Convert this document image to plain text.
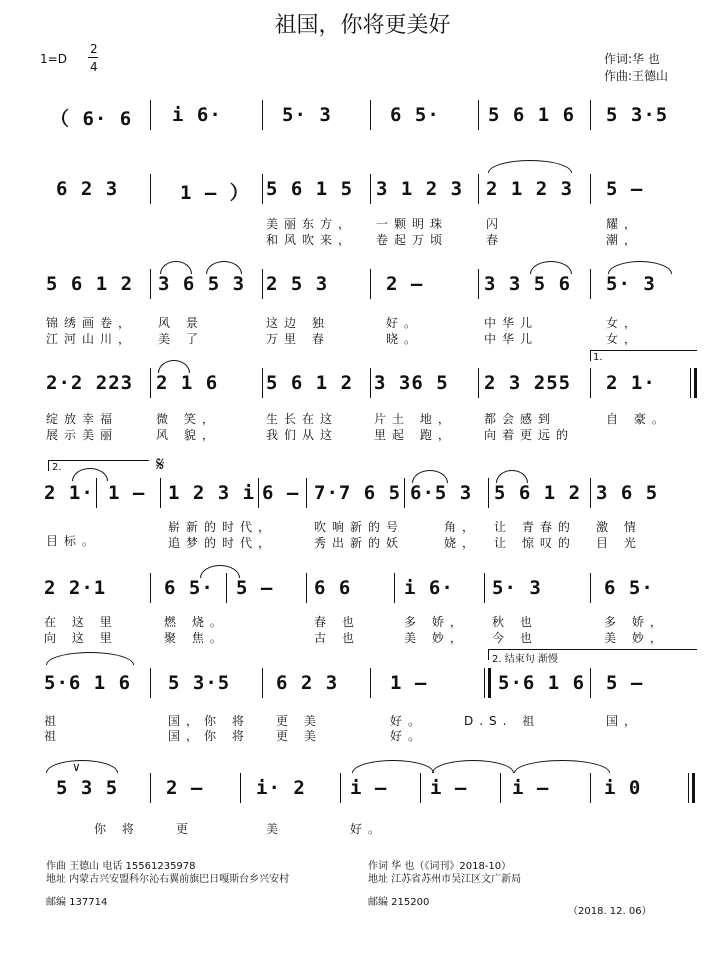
祖国，你将更美好
1=D
2
4
作词:华 也
作曲:王德山
（ 6· 6 i 6·	5· 3	6 5·	5 6 1 6 5 3·5
6 2 3	1 – ） 5 6 1 5 3 1 2 3 2 1 2 3 5 –
美丽东方， 一颗明珠	闪	耀，
和风吹来， 卷起万顷	春	潮，
5 6 1 2 3 6 5 3 2 5 3	2 –	3 3 5 6 5· 3
锦绣画卷， 风 景	这边 独	好。	中华儿	女，
江河山川， 美 了	万里 春	晓。	中华儿	女，
1.
2·2 223 2 1 6	5 6 1 2 3 36 5 2 3 255 2 1·
绽放幸福	微 笑，	生长在这	片土 地， 都会感到	自 豪。
展示美丽	风 貌，	我们从这	里起 跑， 向着更远的
2.	𝄋
2 1· 1 – 1 2 3 i 6 – 7·7 6 5 6·5 3 5 6 1 2 3 6 5
目标。
崭新的时代，	吹响新的号	角， 让 青春的 激 情
追梦的时代，	秀出新的妖	娆， 让 惊叹的 目 光
2 2·1	6 5· 5 – 6 6	i 6· 5· 3	6 5·
在 这 里	燃 烧。	春 也	多 娇， 秋 也	多 娇，
向 这 里	聚 焦。	古 也	美 妙， 今 也	美 妙，
2. 结束句 渐慢
5·6 1 6 5 3·5 6 2 3	1 –	5·6 1 6 5 –
祖	国，你 将 更 美	好。	D.S. 祖	国，
祖	国，你 将 更 美	好。
∨
5 3 5	2 –	i· 2 i – i – i –	i 0
你 将	更	美	好。
作曲 王德山 电话 15561235978
地址 内蒙古兴安盟科尔沁右翼前旗巴日嘎斯台乡兴安村
邮编 137714
作词 华 也（《词刊》2018-10）
地址 江苏省苏州市吴江区文广新局
邮编 215200
（2018. 12. 06）
